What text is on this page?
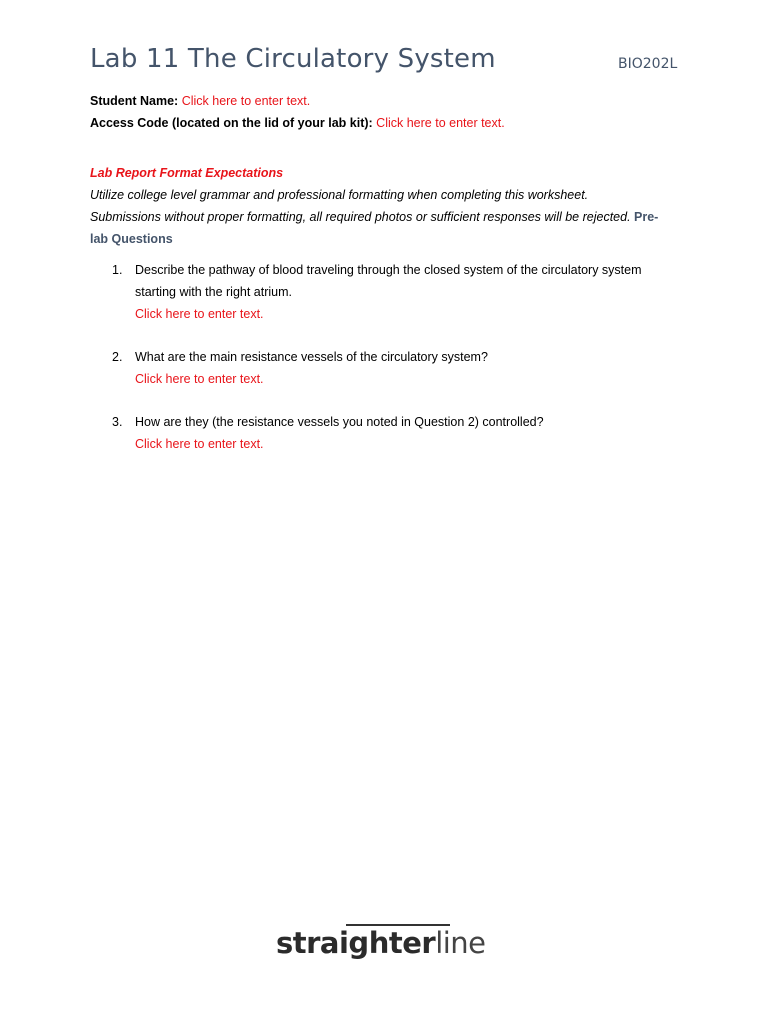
Lab 11 The Circulatory System	BIO202L
Student Name: Click here to enter text.
Access Code (located on the lid of your lab kit): Click here to enter text.
Lab Report Format Expectations
Utilize college level grammar and professional formatting when completing this worksheet.
Submissions without proper formatting, all required photos or sufficient responses will be rejected. Pre-
lab Questions
1. Describe the pathway of blood traveling through the closed system of the circulatory system
starting with the right atrium.
Click here to enter text.
2. What are the main resistance vessels of the circulatory system?
Click here to enter text.
3. How are they (the resistance vessels you noted in Question 2) controlled?
Click here to enter text.
straighterline
